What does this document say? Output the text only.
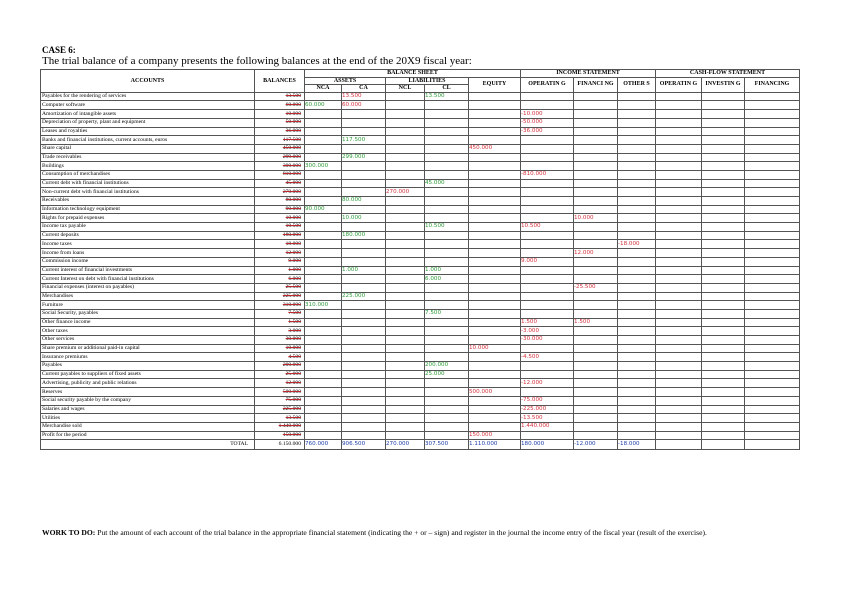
CASE 6:

The trial balance of a company presents the following balances at the end of the 20X9 fiscal year:

ACCOUNTS	BALANCES	BALANCE SHEET					INCOME STATEMENT			CASH-FLOW STATEMENT		
		ASSETS		LIABILITIES		EQUITY	OPERATIN G	FINANCI NG	OTHER S	OPERATIN G	INVESTIN G	FINANCING
		NCA	CA	NCL	CL							
Payables for the rendering of services	13.500		13.500		13.500							
Computer software	60.000	60.000	60.000									
Amortization of intangible assets	10.000						-10.000					
Depreciation of property, plant and equipment	50.000						-50.000					
Leases and royalties	36.000						-36.000					
Banks and financial institutions, current accounts, euros	117.500		117.500									
Share capital	450.000					450.000						
Trade receivables	299.000		299.000									
Buildings	300.000	300.000										
Consumption of merchandises	810.000						-810.000					
Current debt with financial institutions	45.000				45.000							
Non-current debt with financial institutions	270.000			270.000								
Receivables	80.000		80.000									
Information technology equipment	90.000	90.000										
Rights for prepaid expenses	10.000		10.000					10.000				
Income tax payable	10.500				10.500		10.500					
Current deposits	180.000		180.000									
Income taxes	18.000								-18.000			
Income from loans	12.000							12.000				
Commission income	9.000						9.000					
Current interest of financial investments	1.000		1.000		1.000							
Current Interest on debt with financial institutions	6.000				6.000							
Financial expenses (interest on payables)	25.500							-25.500				
Merchandises	225.000		225.000									
Furniture	310.000	310.000										
Social Security, payables	7.500				7.500							
Other finance income	1.500						1.500	1.500				
Other taxes	3.000						-3.000					
Other services	30.000						-30.000					
Share premium or additional paid-in capital	10.000					10.000						
Insurance premiums	4.500						-4.500					
Payables	200.000				200.000							
Current payables to suppliers of fixed assets	25.000				25.000							
Advertising, publicity and public relations	12.000						-12.000					
Reserves	500.000					500.000						
Social security payable by the company	75.000						-75.000					
Salaries and wages	225.000						-225.000					
Utilities	13.500						-13.500					
Merchandise sold	1.440.000						1.440.000					
Profit for the period	150.000					150.000						
TOTAL	6.150.000	760.000	906.500	270.000	307.500	1.110.000	180.000	-12.000	-18.000			

WORK TO DO: Put the amount of each account of the trial balance in the appropriate financial statement (indicating the + or – sign) and register in the journal the income entry of the fiscal year (result of the exercise).
